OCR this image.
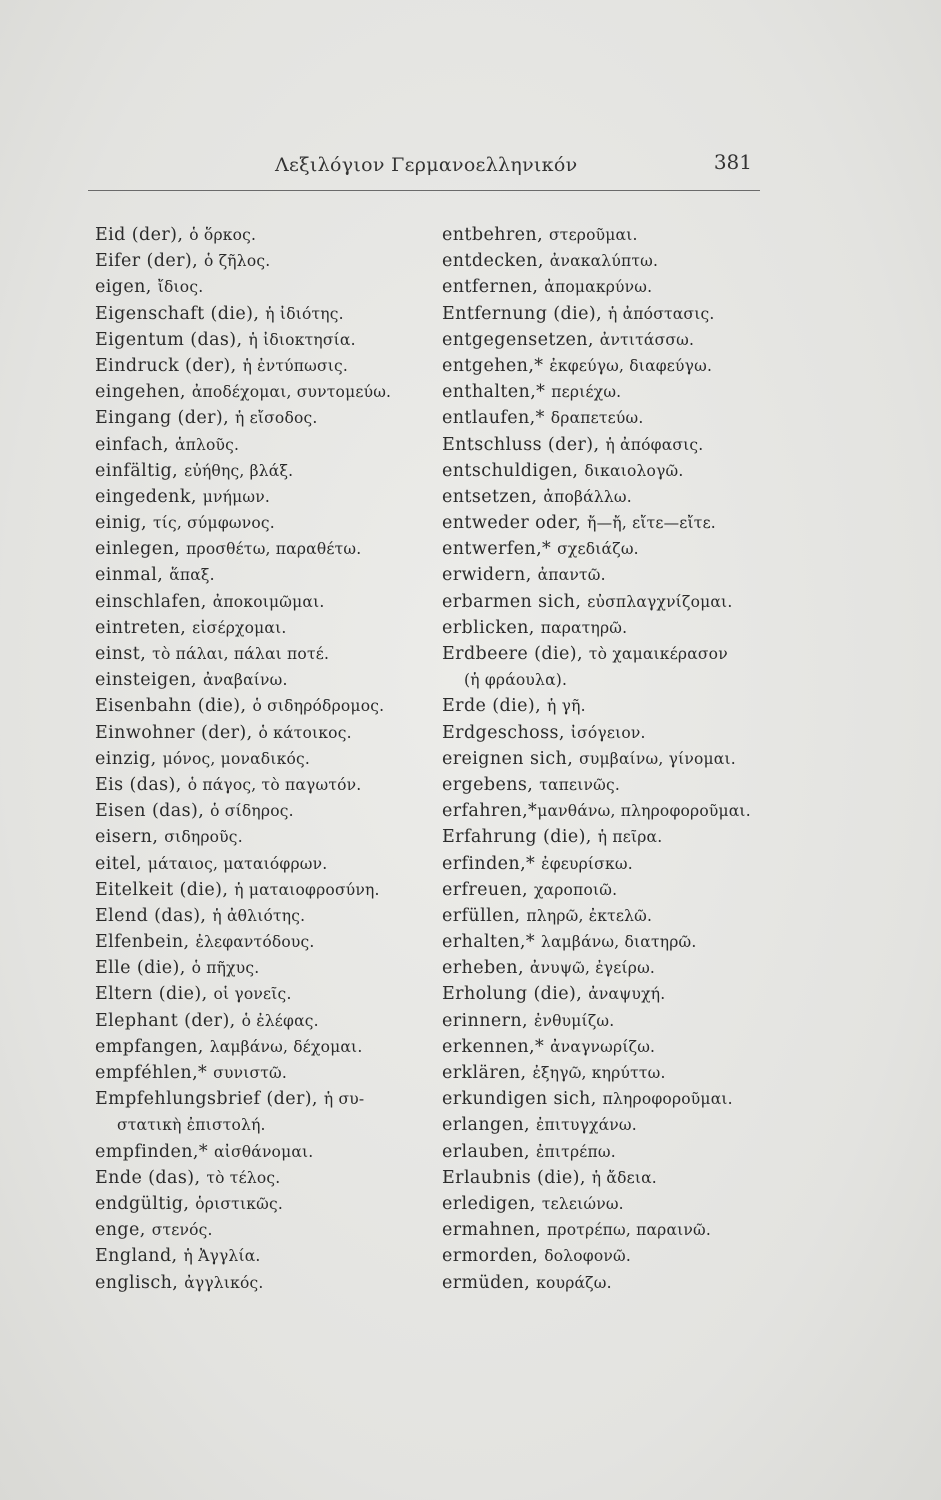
Λεξιλόγιον Γερμανοελληνικόν	381
Eid (der), ὁ ὅρκος.
Eifer (der), ὁ ζῆλος.
eigen, ἴδιος.
Eigenschaft (die), ἡ ἰδιότης.
Eigentum (das), ἡ ἰδιοκτησία.
Eindruck (der), ἡ ἐντύπωσις.
eingehen, ἀποδέχομαι, συντομεύω.
Eingang (der), ἡ εἴσοδος.
einfach, ἁπλοῦς.
einfältig, εὐήθης, βλάξ.
eingedenk, μνήμων.
einig, τίς, σύμφωνος.
einlegen, προσθέτω, παραθέτω.
einmal, ἅπαξ.
einschlafen, ἀποκοιμῶμαι.
eintreten, εἰσέρχομαι.
einst, τὸ πάλαι, πάλαι ποτέ.
einsteigen, ἀναβαίνω.
Eisenbahn (die), ὁ σιδηρόδρομος.
Einwohner (der), ὁ κάτοικος.
einzig, μόνος, μοναδικός.
Eis (das), ὁ πάγος, τὸ παγωτόν.
Eisen (das), ὁ σίδηρος.
eisern, σιδηροῦς.
eitel, μάταιος, ματαιόφρων.
Eitelkeit (die), ἡ ματαιοφροσύνη.
Elend (das), ἡ ἀθλιότης.
Elfenbein, ἐλεφαντόδους.
Elle (die), ὁ πῆχυς.
Eltern (die), οἱ γονεῖς.
Elephant (der), ὁ ἐλέφας.
empfangen, λαμβάνω, δέχομαι.
empféhlen,* συνιστῶ.
Empfehlungsbrief (der), ἡ συ-
στατικὴ ἐπιστολή.
empfinden,* αἰσθάνομαι.
Ende (das), τὸ τέλος.
endgültig, ὁριστικῶς.
enge, στενός.
England, ἡ Ἀγγλία.
englisch, ἀγγλικός.
entbehren, στεροῦμαι.
entdecken, ἀνακαλύπτω.
entfernen, ἀπομακρύνω.
Entfernung (die), ἡ ἀπόστασις.
entgegensetzen, ἀντιτάσσω.
entgehen,* ἐκφεύγω, διαφεύγω.
enthalten,* περιέχω.
entlaufen,* δραπετεύω.
Entschluss (der), ἡ ἀπόφασις.
entschuldigen, δικαιολογῶ.
entsetzen, ἀποβάλλω.
entweder oder, ἤ—ἤ, εἴτε—εἴτε.
entwerfen,* σχεδιάζω.
erwidern, ἀπαντῶ.
erbarmen sich, εὐσπλαγχνίζομαι.
erblicken, παρατηρῶ.
Erdbeere (die), τὸ χαμαικέρασον
(ἡ φράουλα).
Erde (die), ἡ γῆ.
Erdgeschoss, ἰσόγειον.
ereignen sich, συμβαίνω, γίνομαι.
ergebens, ταπεινῶς.
erfahren,*μανθάνω, πληροφοροῦμαι.
Erfahrung (die), ἡ πεῖρα.
erfinden,* ἐφευρίσκω.
erfreuen, χαροποιῶ.
erfüllen, πληρῶ, ἐκτελῶ.
erhalten,* λαμβάνω, διατηρῶ.
erheben, ἀνυψῶ, ἐγείρω.
Erholung (die), ἀναψυχή.
erinnern, ἐνθυμίζω.
erkennen,* ἀναγνωρίζω.
erklären, ἐξηγῶ, κηρύττω.
erkundigen sich, πληροφοροῦμαι.
erlangen, ἐπιτυγχάνω.
erlauben, ἐπιτρέπω.
Erlaubnis (die), ἡ ἄδεια.
erledigen, τελειώνω.
ermahnen, προτρέπω, παραινῶ.
ermorden, δολοφονῶ.
ermüden, κουράζω.
